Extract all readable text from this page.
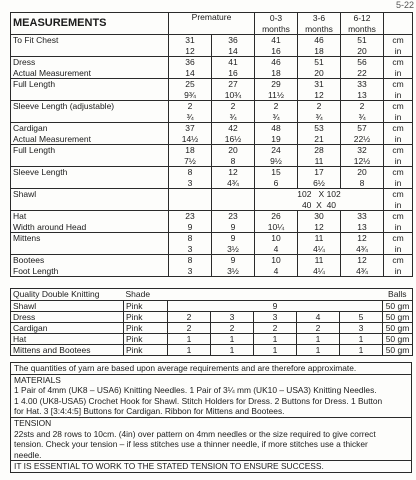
5-22
MEASUREMENTS	Premature		0-3	3-6	6-12	
			months	months	months	
To Fit Chest	31	36	41	46	51	cm
	12	14	16	18	20	in
Dress	36	41	46	51	56	cm
Actual Measurement	14	16	18	20	22	in
Full Length	25	27	29	31	33	cm
	9¾	10¾	11½	12	13	in
Sleeve Length (adjustable)	2	2	2	2	2	cm
	¾	¾	¾	¾	¾	in
Cardigan	37	42	48	53	57	cm
Actual Measurement	14½	16½	19	21	22½	in
Full Length	18	20	24	28	32	cm
	7½	8	9½	11	12½	in
Sleeve Length	8	12	15	17	20	cm
	3	4¾	6	6½	8	in
Shawl			102 X 102			cm
			40 X 40			in
Hat	23	23	26	30	33	cm
Width around Head	9	9	10¼	12	13	in
Mittens	8	9	10	11	12	cm
	3	3½	4	4¼	4¾	in
Bootees	8	9	10	11	12	cm
Foot Length	3	3½	4	4¼	4¾	in
Quality Double Knitting	Shade						Balls
Shawl	Pink	9					50 gm
Dress	Pink	2	3	3	4	5	50 gm
Cardigan	Pink	2	2	2	2	3	50 gm
Hat	Pink	1	1	1	1	1	50 gm
Mittens and Bootees	Pink	1	1	1	1	1	50 gm
The quantities of yarn are based upon average requirements and are therefore approximate.
MATERIALS
1 Pair of 4mm (UK8 – USA6) Knitting Needles. 1 Pair of 3¼ mm (UK10 – USA3) Knitting Needles.
1 4.00 (UK8-USA5) Crochet Hook for Shawl. Stitch Holders for Dress. 2 Buttons for Dress. 1 Button
for Hat. 3 [3:4:4:5] Buttons for Cardigan. Ribbon for Mittens and Bootees.
TENSION
22sts and 28 rows to 10cm. (4in) over pattern on 4mm needles or the size required to give correct
tension. Check your tension – if less stitches use a thinner needle, if more stitches use a thicker
needle.
IT IS ESSENTIAL TO WORK TO THE STATED TENSION TO ENSURE SUCCESS.
